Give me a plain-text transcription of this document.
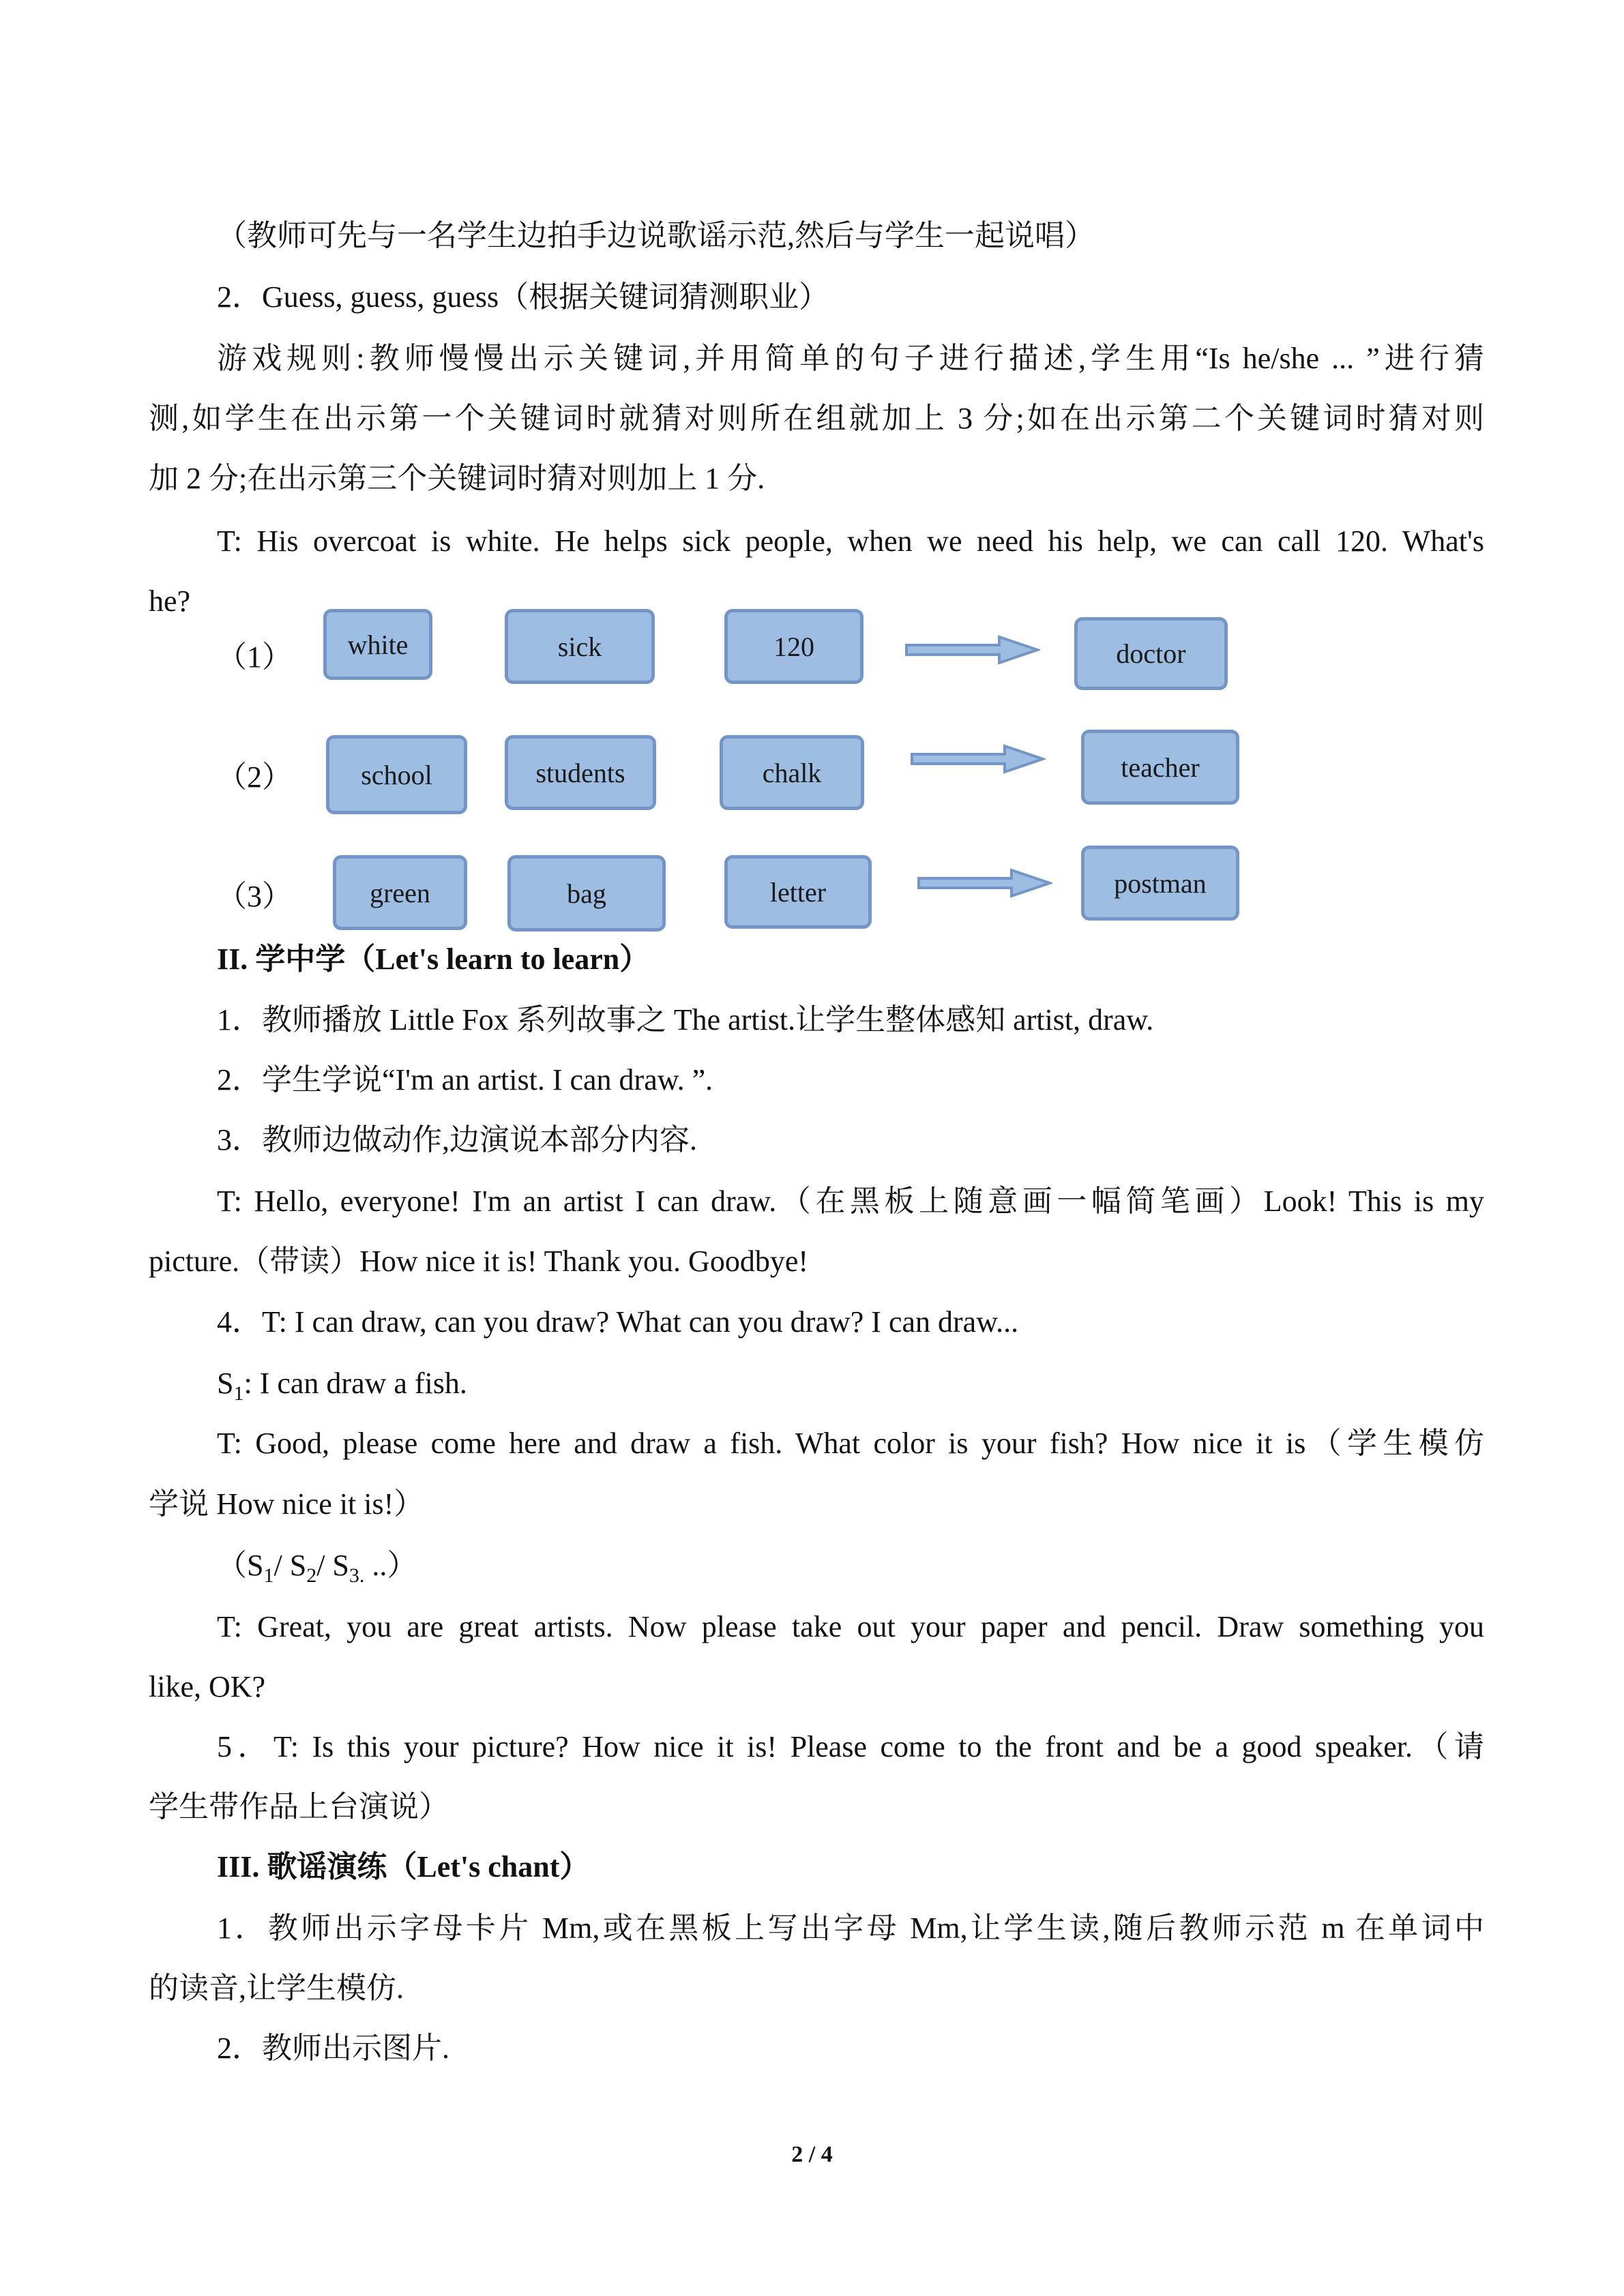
（教师可先与一名学生边拍手边说歌谣示范,然后与学生一起说唱）
2．Guess, guess, guess（根据关键词猜测职业）
游戏规则:教师慢慢出示关键词,并用简单的句子进行描述,学生用“Is he/she ... ”进行猜
测,如学生在出示第一个关键词时就猜对则所在组就加上 3 分;如在出示第二个关键词时猜对则
加 2 分;在出示第三个关键词时猜对则加上 1 分.
T: His overcoat is white. He helps sick people, when we need his help, we can call 120. What's
he?
（1）	white	sick	120	doctor
（2）	school	students	chalk	teacher
（3）	green	bag	letter	postman
II. 学中学（Let's learn to learn）
1．教师播放 Little Fox 系列故事之 The artist.让学生整体感知 artist, draw.
2．学生学说“I'm an artist. I can draw. ”.
3．教师边做动作,边演说本部分内容.
T: Hello, everyone! I'm an artist I can draw.（在黑板上随意画一幅简笔画）Look! This is my
picture.（带读）How nice it is! Thank you. Goodbye!
4．T: I can draw, can you draw? What can you draw? I can draw...
$S_1$: I can draw a fish.
T: Good, please come here and draw a fish. What color is your fish? How nice it is（学生模仿
学说 How nice it is!）
（$S_1/$ $S_2/$ $S_{3.}$ ..）
T: Great, you are great artists. Now please take out your paper and pencil. Draw something you
like, OK?
5．T: Is this your picture? How nice it is! Please come to the front and be a good speaker.（请
学生带作品上台演说）
III. 歌谣演练（Let's chant）
1．教师出示字母卡片 Mm,或在黑板上写出字母 Mm,让学生读,随后教师示范 m 在单词中
的读音,让学生模仿.
2．教师出示图片.
2 / 4
